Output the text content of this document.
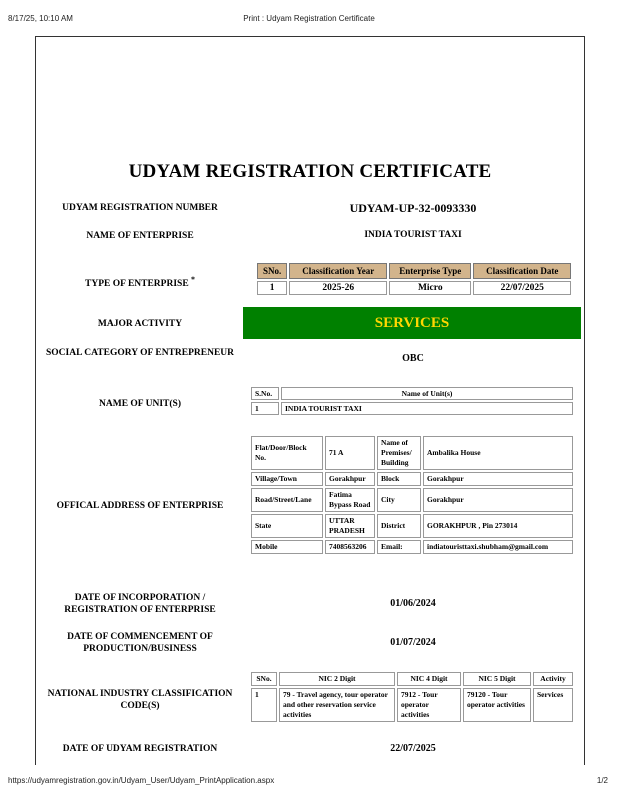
8/17/25, 10:10 AM	Print : Udyam Registration Certificate
https://udyamregistration.gov.in/Udyam_User/Udyam_PrintApplication.aspx	1/2
UDYAM REGISTRATION CERTIFICATE
UDYAM REGISTRATION NUMBER	UDYAM-UP-32-0093330
NAME OF ENTERPRISE	INDIA TOURIST TAXI
TYPE OF ENTERPRISE *
SNo.	Classification Year	Enterprise Type	Classification Date
1	2025-26	Micro	22/07/2025
MAJOR ACTIVITY	SERVICES
SOCIAL CATEGORY OF ENTREPRENEUR	OBC
NAME OF UNIT(S)
S.No.	Name of Unit(s)
1	INDIA TOURIST TAXI
OFFICAL ADDRESS OF ENTERPRISE
Flat/Door/Block No.	71 A	Name of Premises/ Building	Ambalika House
Village/Town	Gorakhpur	Block	Gorakhpur
Road/Street/Lane	Fatima Bypass Road	City	Gorakhpur
State	UTTAR PRADESH	District	GORAKHPUR , Pin 273014
Mobile	7408563206	Email:	indiatouristtaxi.shubham@gmail.com
DATE OF INCORPORATION / REGISTRATION OF ENTERPRISE
01/06/2024
DATE OF COMMENCEMENT OF PRODUCTION/BUSINESS
01/07/2024
NATIONAL INDUSTRY CLASSIFICATION CODE(S)
SNo.	NIC 2 Digit	NIC 4 Digit	NIC 5 Digit	Activity
1	79 - Travel agency, tour operator and other reservation service activities	7912 - Tour operator activities	79120 - Tour operator activities	Services
DATE OF UDYAM REGISTRATION	22/07/2025
